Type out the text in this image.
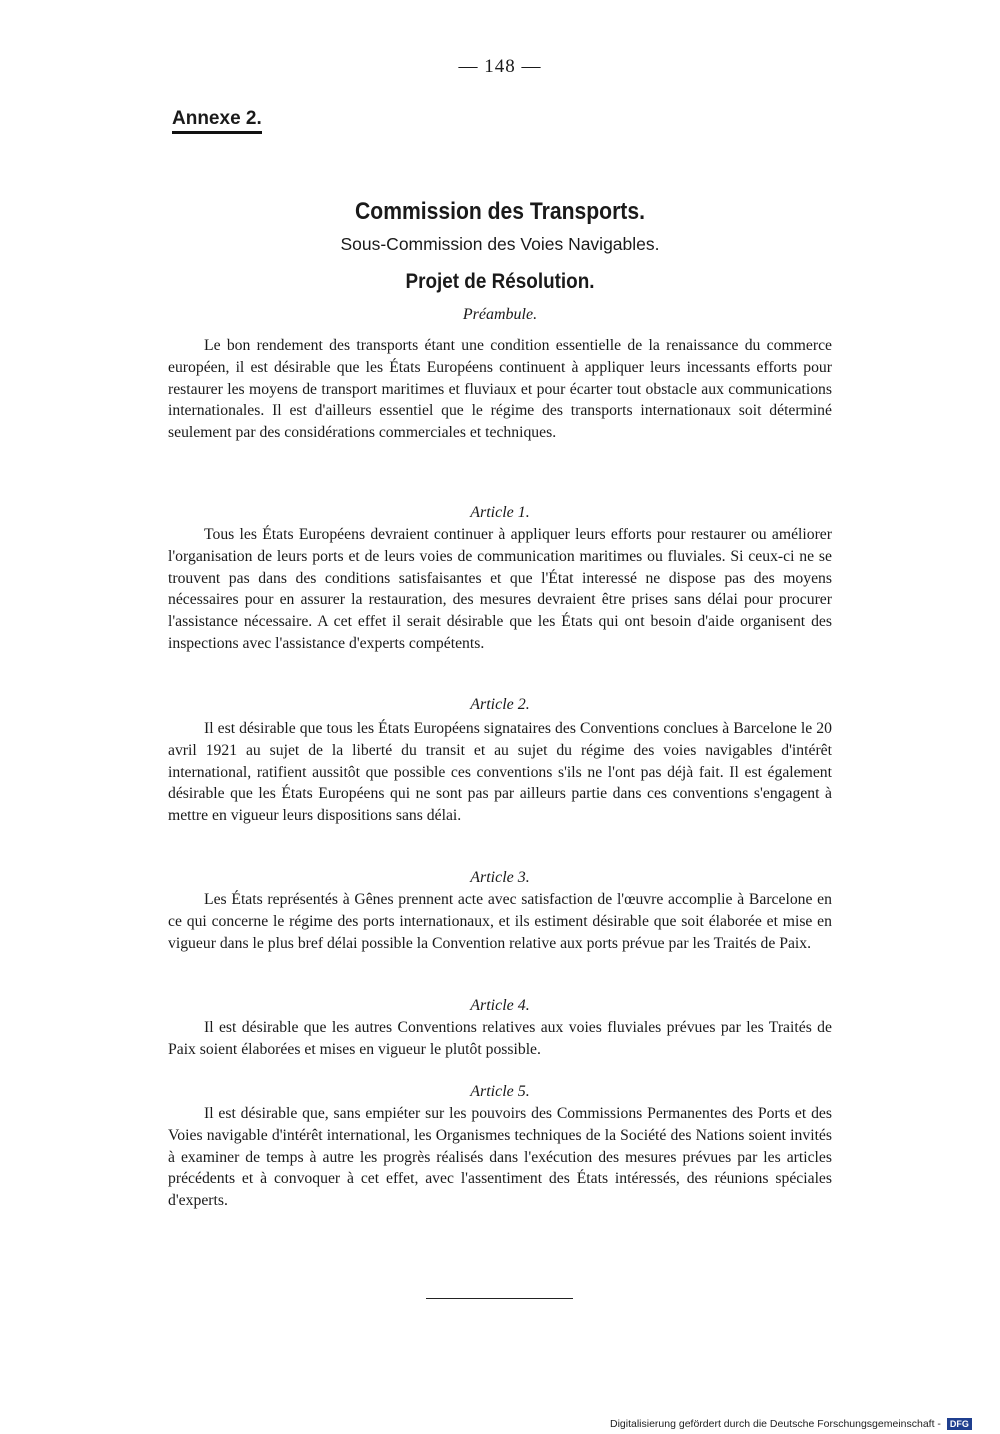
— 148 —
Annexe 2.
Commission des Transports.
Sous-Commission des Voies Navigables.
Projet de Résolution.
Préambule.

Le bon rendement des transports étant une condition essentielle de la renaissance du commerce européen, il est désirable que les États Européens continuent à appliquer leurs incessants efforts pour restaurer les moyens de transport maritimes et fluviaux et pour écarter tout obstacle aux communications internationales. Il est d'ailleurs essentiel que le régime des transports internationaux soit déterminé seulement par des considérations commerciales et techniques.

Article 1.

Tous les États Européens devraient continuer à appliquer leurs efforts pour restaurer ou améliorer l'organisation de leurs ports et de leurs voies de communication maritimes ou fluviales. Si ceux-ci ne se trouvent pas dans des conditions satisfaisantes et que l'État interessé ne dispose pas des moyens nécessaires pour en assurer la restauration, des mesures devraient être prises sans délai pour procurer l'assistance nécessaire. A cet effet il serait désirable que les États qui ont besoin d'aide organisent des inspections avec l'assistance d'experts compétents.

Article 2.

Il est désirable que tous les États Européens signataires des Conventions conclues à Barcelone le 20 avril 1921 au sujet de la liberté du transit et au sujet du régime des voies navigables d'intérêt international, ratifient aussitôt que possible ces conventions s'ils ne l'ont pas déjà fait. Il est également désirable que les États Européens qui ne sont pas par ailleurs partie dans ces conventions s'engagent à mettre en vigueur leurs dispositions sans délai.

Article 3.

Les États représentés à Gênes prennent acte avec satisfaction de l'œuvre accomplie à Barcelone en ce qui concerne le régime des ports internationaux, et ils estiment désirable que soit élaborée et mise en vigueur dans le plus bref délai possible la Convention relative aux ports prévue par les Traités de Paix.

Article 4.

Il est désirable que les autres Conventions relatives aux voies fluviales prévues par les Traités de Paix soient élaborées et mises en vigueur le plutôt possible.

Article 5.

Il est désirable que, sans empiéter sur les pouvoirs des Commissions Permanentes des Ports et des Voies navigable d'intérêt international, les Organismes techniques de la Société des Nations soient invités à examiner de temps à autre les progrès réalisés dans l'exécution des mesures prévues par les articles précédents et à convoquer à cet effet, avec l'assentiment des États intéressés, des réunions spéciales d'experts.

Digitalisierung gefördert durch die Deutsche Forschungsgemeinschaft - DFG
